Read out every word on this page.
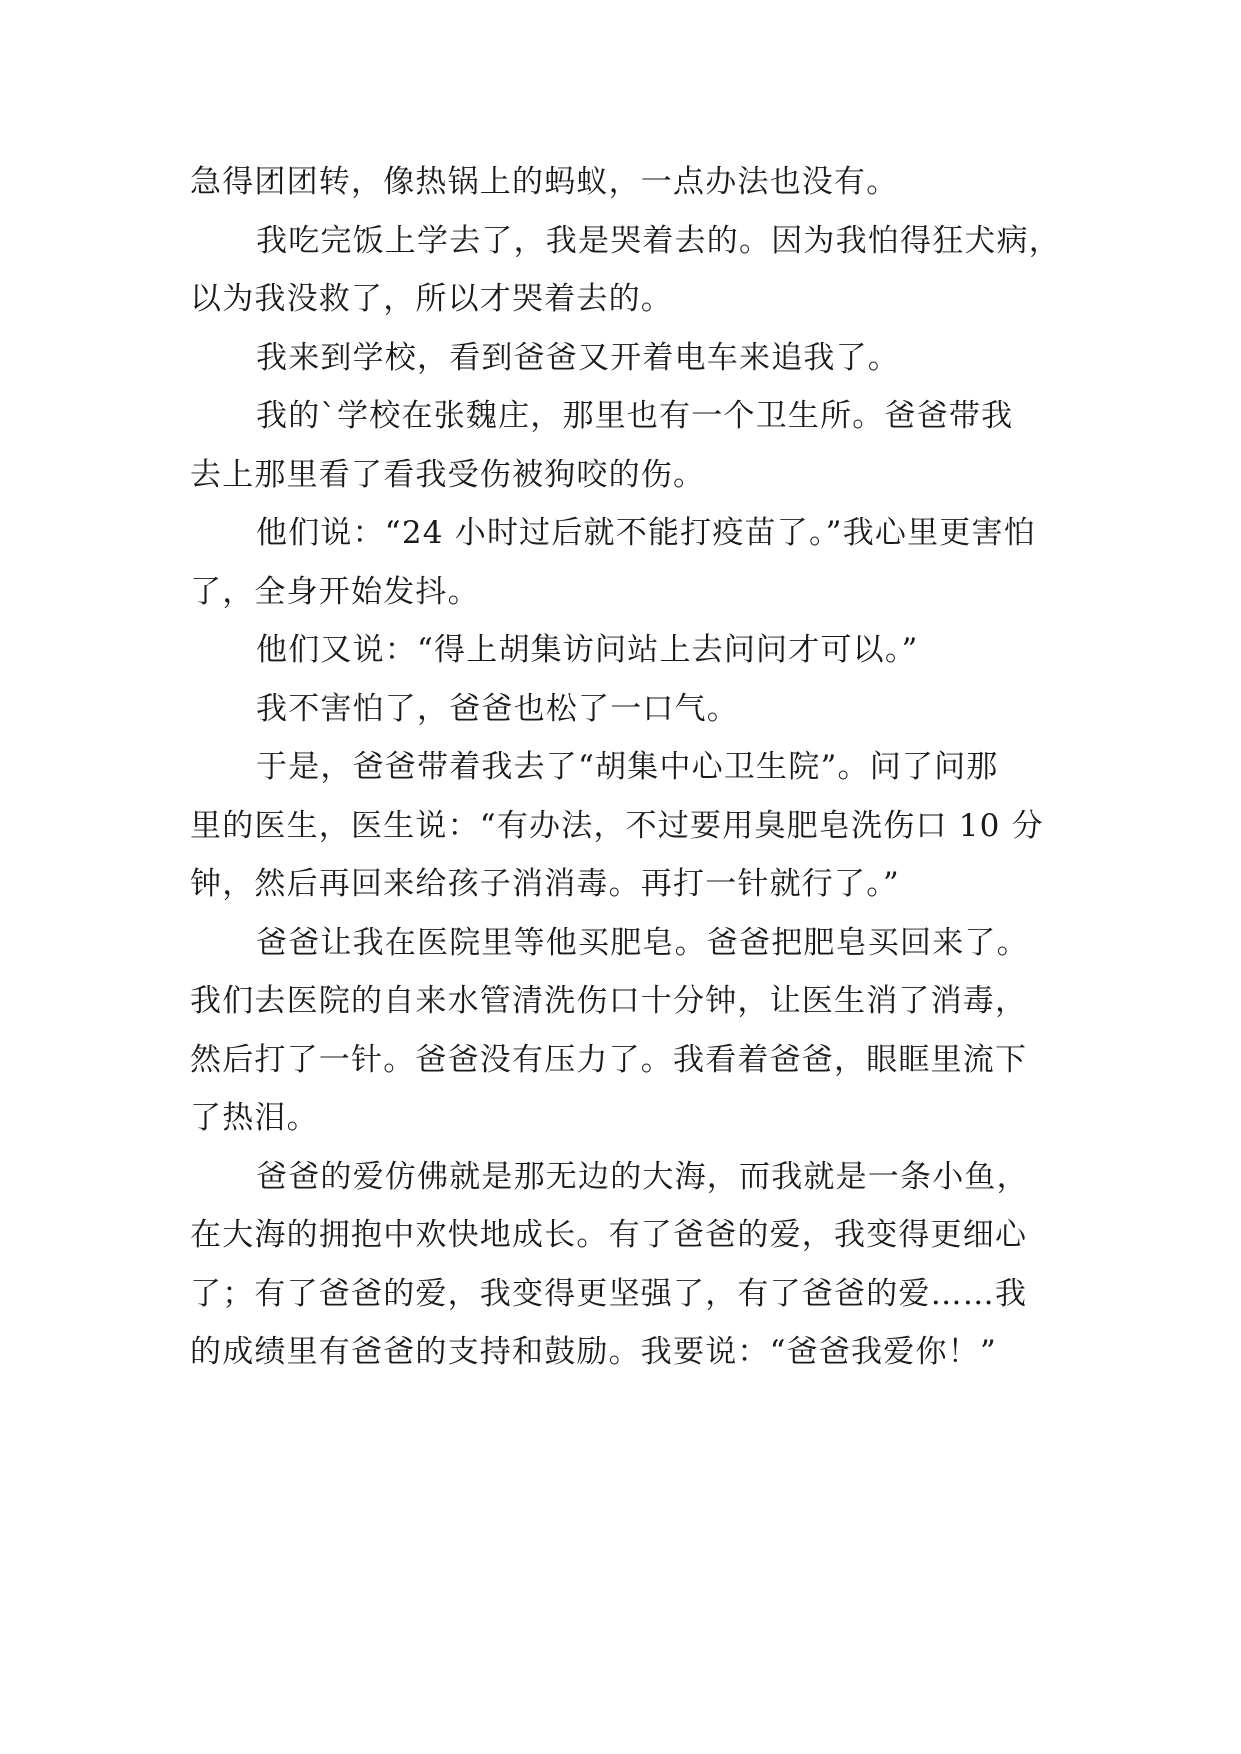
急得团团转，像热锅上的蚂蚁，一点办法也没有。
我吃完饭上学去了，我是哭着去的。因为我怕得狂犬病，
以为我没救了，所以才哭着去的。
我来到学校，看到爸爸又开着电车来追我了。
我的`学校在张魏庄，那里也有一个卫生所。爸爸带我
去上那里看了看我受伤被狗咬的伤。
他们说：“24 小时过后就不能打疫苗了。”我心里更害怕
了，全身开始发抖。
他们又说：“得上胡集访问站上去问问才可以。”
我不害怕了，爸爸也松了一口气。
于是，爸爸带着我去了“胡集中心卫生院”。问了问那
里的医生，医生说：“有办法，不过要用臭肥皂洗伤口 10 分
钟，然后再回来给孩子消消毒。再打一针就行了。”
爸爸让我在医院里等他买肥皂。爸爸把肥皂买回来了。
我们去医院的自来水管清洗伤口十分钟，让医生消了消毒，
然后打了一针。爸爸没有压力了。我看着爸爸，眼眶里流下
了热泪。
爸爸的爱仿佛就是那无边的大海，而我就是一条小鱼，
在大海的拥抱中欢快地成长。有了爸爸的爱，我变得更细心
了；有了爸爸的爱，我变得更坚强了，有了爸爸的爱……我
的成绩里有爸爸的支持和鼓励。我要说：“爸爸我爱你！”
